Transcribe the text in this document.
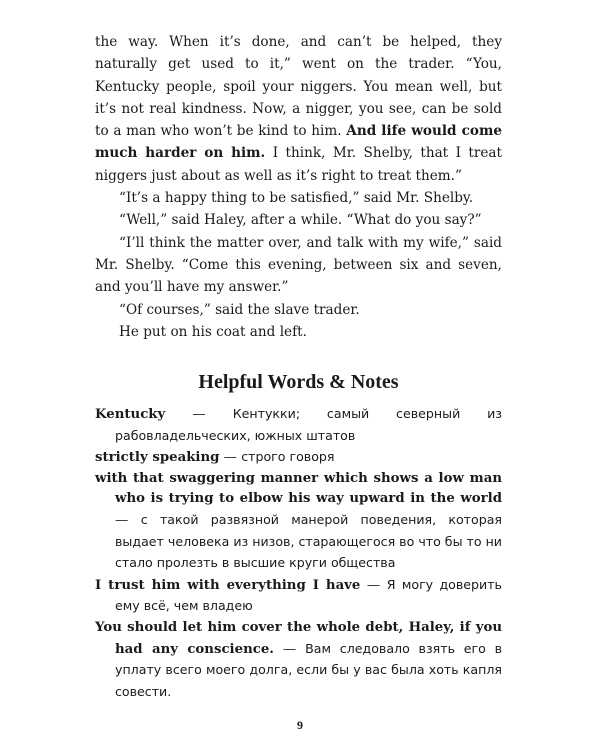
the way. When it’s done, and can’t be helped, they naturally get used to it,” went on the trader. “You, Kentucky people, spoil your niggers. You mean well, but it’s not real kindness. Now, a nigger, you see, can be sold to a man who won’t be kind to him. And life would come much harder on him. I think, Mr. Shelby, that I treat niggers just about as well as it’s right to treat them.”

“It’s a happy thing to be satisfied,” said Mr. Shelby.

“Well,” said Haley, after a while. “What do you say?”

“I’ll think the matter over, and talk with my wife,” said Mr. Shelby. “Come this evening, between six and seven, and you’ll have my answer.”

“Of courses,” said the slave trader.

He put on his coat and left.

Helpful Words & Notes
Kentucky — Кентукки; самый северный из рабовладельческих, южных штатов
strictly speaking — строго говоря
with that swaggering manner which shows a low man who is trying to elbow his way upward in the world — с такой развязной манерой поведения, которая выдает человека из низов, старающегося во что бы то ни стало пролезть в высшие круги общества
I trust him with everything I have — Я могу доверить ему всё, чем владею
You should let him cover the whole debt, Haley, if you had any conscience. — Вам следовало взять его в уплату всего моего долга, если бы у вас была хоть капля совести.
9
